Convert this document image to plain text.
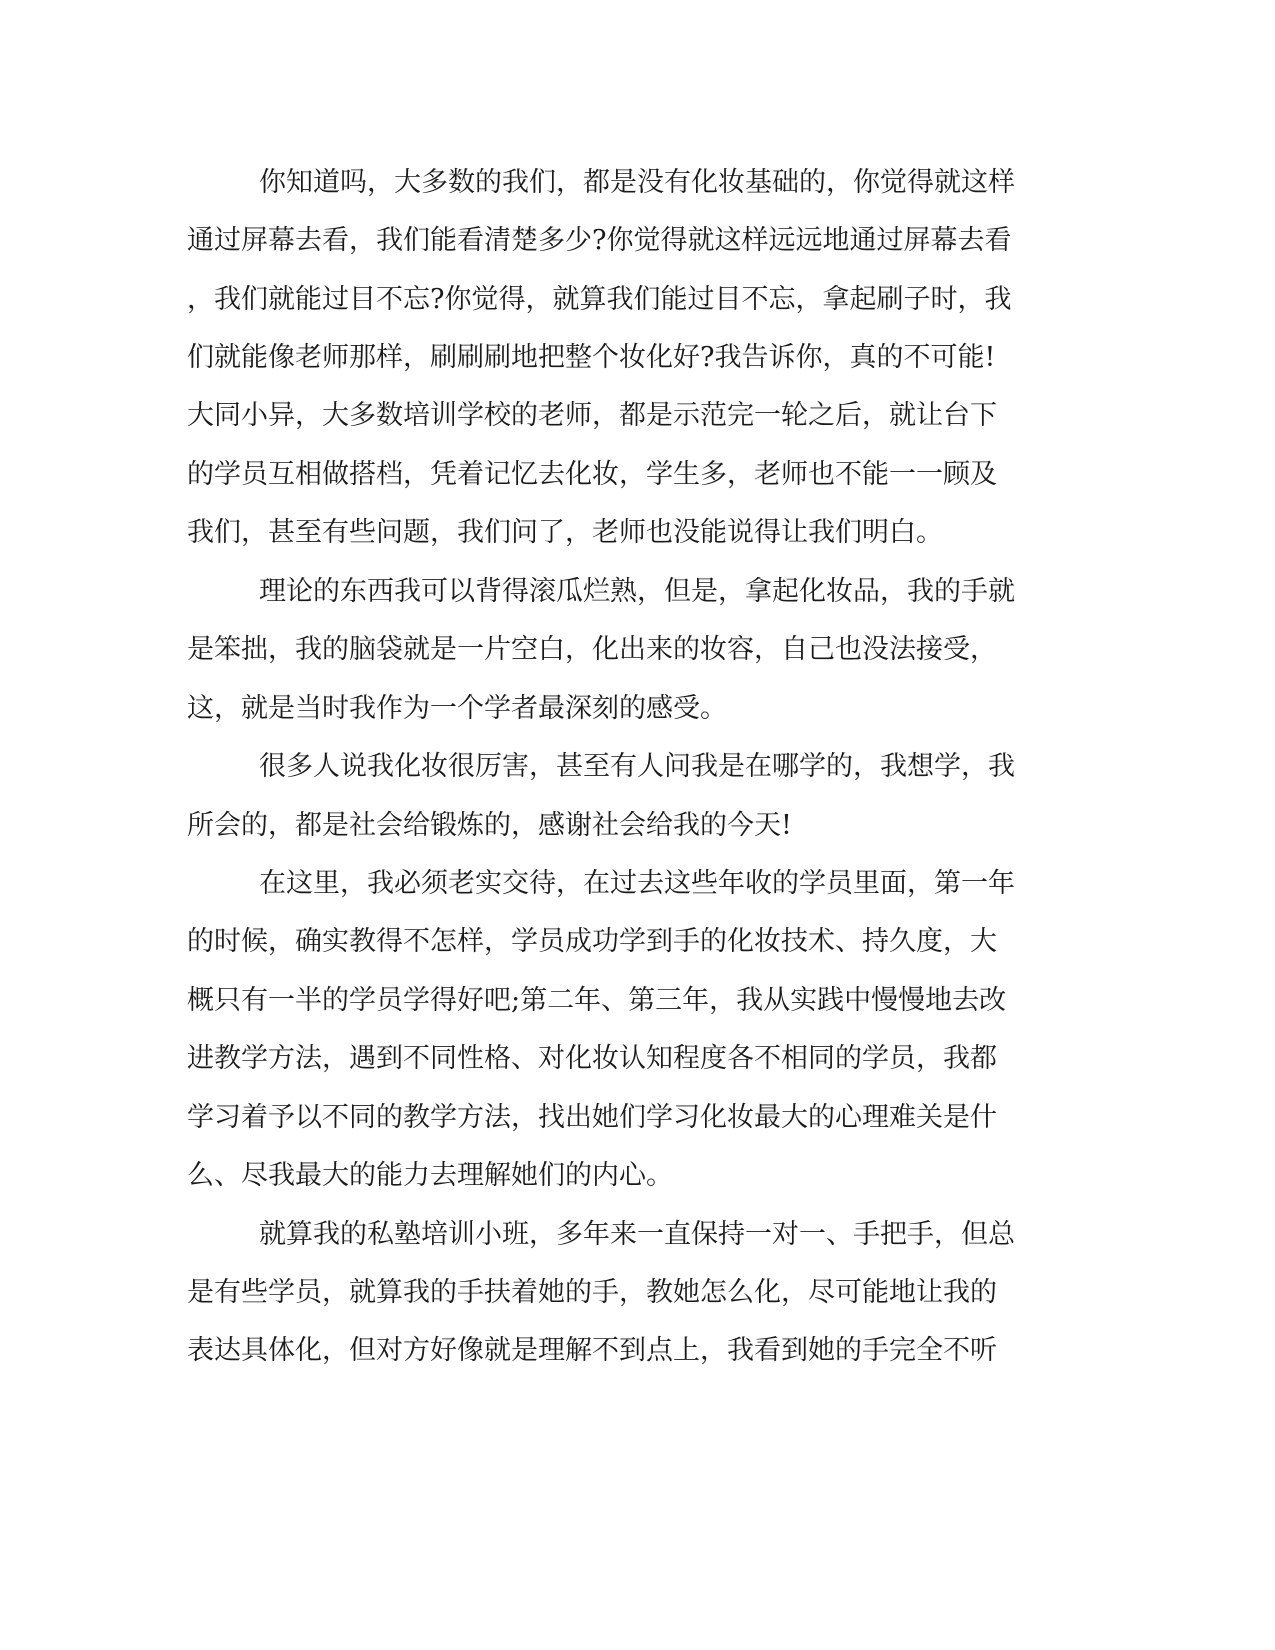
你知道吗，大多数的我们，都是没有化妆基础的，你觉得就这样

通过屏幕去看，我们能看清楚多少?你觉得就这样远远地通过屏幕去看

，我们就能过目不忘?你觉得，就算我们能过目不忘，拿起刷子时，我

们就能像老师那样，刷刷刷地把整个妆化好?我告诉你，真的不可能!

大同小异，大多数培训学校的老师，都是示范完一轮之后，就让台下

的学员互相做搭档，凭着记忆去化妆，学生多，老师也不能一一顾及

我们，甚至有些问题，我们问了，老师也没能说得让我们明白。

理论的东西我可以背得滚瓜烂熟，但是，拿起化妆品，我的手就

是笨拙，我的脑袋就是一片空白，化出来的妆容，自己也没法接受，

这，就是当时我作为一个学者最深刻的感受。

很多人说我化妆很厉害，甚至有人问我是在哪学的，我想学，我

所会的，都是社会给锻炼的，感谢社会给我的今天!

在这里，我必须老实交待，在过去这些年收的学员里面，第一年

的时候，确实教得不怎样，学员成功学到手的化妆技术、持久度，大

概只有一半的学员学得好吧;第二年、第三年，我从实践中慢慢地去改

进教学方法，遇到不同性格、对化妆认知程度各不相同的学员，我都

学习着予以不同的教学方法，找出她们学习化妆最大的心理难关是什

么、尽我最大的能力去理解她们的内心。

就算我的私塾培训小班，多年来一直保持一对一、手把手，但总

是有些学员，就算我的手扶着她的手，教她怎么化，尽可能地让我的

表达具体化，但对方好像就是理解不到点上，我看到她的手完全不听
